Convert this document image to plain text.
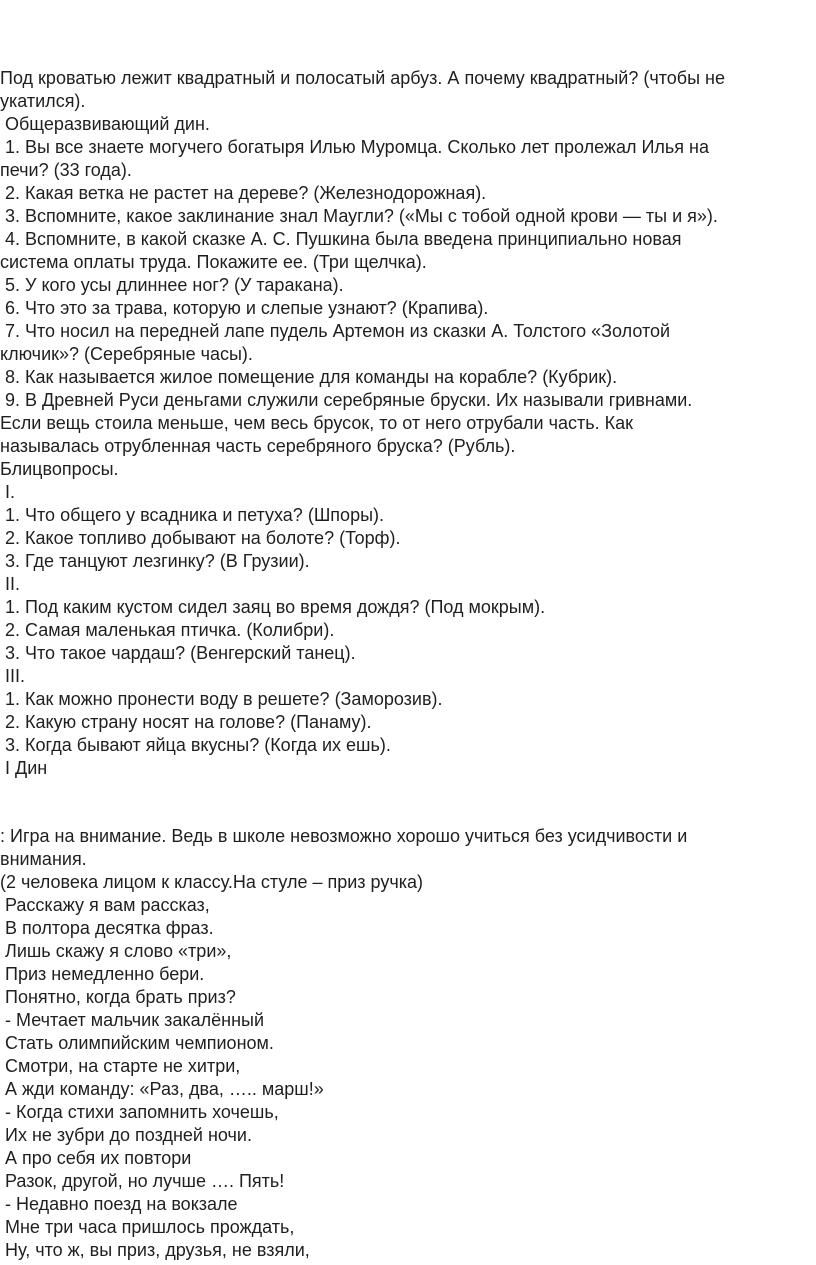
Под кроватью лежит квадратный и полосатый арбуз. А почему квадратный? (чтобы не
укатился).
Общеразвивающий дин.
1. Вы все знаете могучего богатыря Илью Муромца. Сколько лет пролежал Илья на
печи? (33 года).
2. Какая ветка не растет на дереве? (Железнодорожная).
3. Вспомните, какое заклинание знал Маугли? («Мы с тобой одной крови — ты и я»).
4. Вспомните, в какой сказке А. С. Пушкина была введена принципиально новая
система оплаты труда. Покажите ее. (Три щелчка).
5. У кого усы длиннее ног? (У таракана).
6. Что это за трава, которую и слепые узнают? (Крапива).
7. Что носил на передней лапе пудель Артемон из сказки А. Толстого «Золотой
ключик»? (Серебряные часы).
8. Как называется жилое помещение для команды на корабле? (Кубрик).
9. В Древней Руси деньгами служили серебряные бруски. Их называли гривнами.
Если вещь стоила меньше, чем весь брусок, то от него отрубали часть. Как
называлась отрубленная часть серебряного бруска? (Рубль).
Блицвопросы.
I.
1. Что общего у всадника и петуха? (Шпоры).
2. Какое топливо добывают на болоте? (Торф).
3. Где танцуют лезгинку? (В Грузии).
II.
1. Под каким кустом сидел заяц во время дождя? (Под мокрым).
2. Самая маленькая птичка. (Колибри).
3. Что такое чардаш? (Венгерский танец).
III.
1. Как можно пронести воду в решете? (Заморозив).
2. Какую страну носят на голове? (Панаму).
3. Когда бывают яйца вкусны? (Когда их ешь).
I Дин
: Игра на внимание. Ведь в школе невозможно хорошо учиться без усидчивости и
внимания.
(2 человека лицом к классу.На стуле – приз ручка)
Расскажу я вам рассказ,
В полтора десятка фраз.
Лишь скажу я слово «три»,
Приз немедленно бери.
Понятно, когда брать приз?
- Мечтает мальчик закалённый
Стать олимпийским чемпионом.
Смотри, на старте не хитри,
А жди команду: «Раз, два, ….. марш!»
- Когда стихи запомнить хочешь,
Их не зубри до поздней ночи.
А про себя их повтори
Разок, другой, но лучше …. Пять!
- Недавно поезд на вокзале
Мне три часа пришлось прождать,
Ну, что ж, вы приз, друзья, не взяли,
